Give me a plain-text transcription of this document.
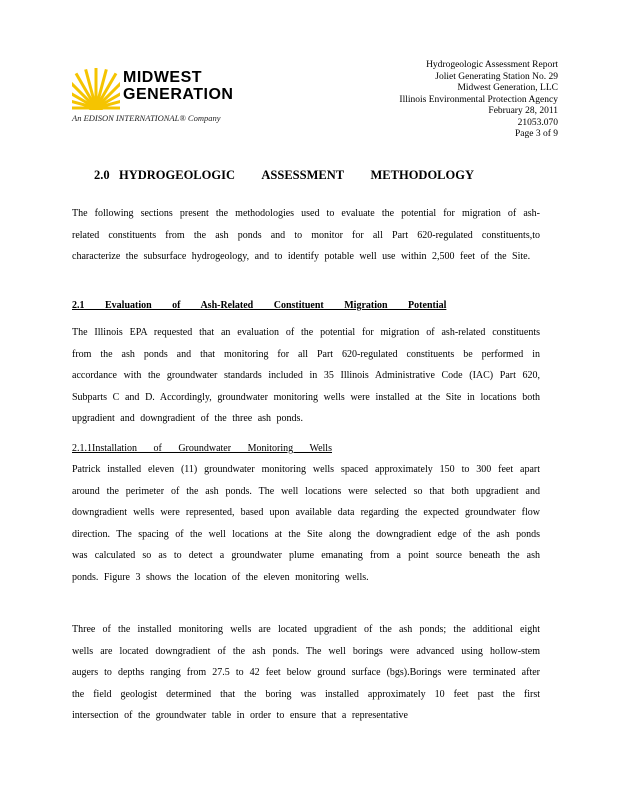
MIDWEST
GENERATION
An EDISON INTERNATIONAL® Company
Hydrogeologic Assessment Report
Joliet Generating Station No. 29
Midwest Generation, LLC
Illinois Environmental Protection Agency
February 28, 2011
21053.070
Page 3 of 9
2.0 HYDROGEOLOGIC ASSESSMENT METHODOLOGY
The following sections present the methodologies used to evaluate the potential for migration of ash-related constituents from the ash ponds and to monitor for all Part 620-regulated constituents,to characterize the subsurface hydrogeology, and to identify potable well use within 2,500 feet of the Site.
2.1 Evaluation of Ash-Related Constituent Migration Potential
The Illinois EPA requested that an evaluation of the potential for migration of ash-related constituents from the ash ponds and that monitoring for all Part 620-regulated constituents be performed in accordance with the groundwater standards included in 35 Illinois Administrative Code (IAC) Part 620, Subparts C and D. Accordingly, groundwater monitoring wells were installed at the Site in locations both upgradient and downgradient of the three ash ponds.
2.1.1Installation of Groundwater Monitoring Wells
Patrick installed eleven (11) groundwater monitoring wells spaced approximately 150 to 300 feet apart around the perimeter of the ash ponds. The well locations were selected so that both upgradient and downgradient wells were represented, based upon available data regarding the expected groundwater flow direction. The spacing of the well locations at the Site along the downgradient edge of the ash ponds was calculated so as to detect a groundwater plume emanating from a point source beneath the ash ponds. Figure 3 shows the location of the eleven monitoring wells.
Three of the installed monitoring wells are located upgradient of the ash ponds; the additional eight wells are located downgradient of the ash ponds. The well borings were advanced using hollow-stem augers to depths ranging from 27.5 to 42 feet below ground surface (bgs).Borings were terminated after the field geologist determined that the boring was installed approximately 10 feet past the first intersection of the groundwater table in order to ensure that a representative
